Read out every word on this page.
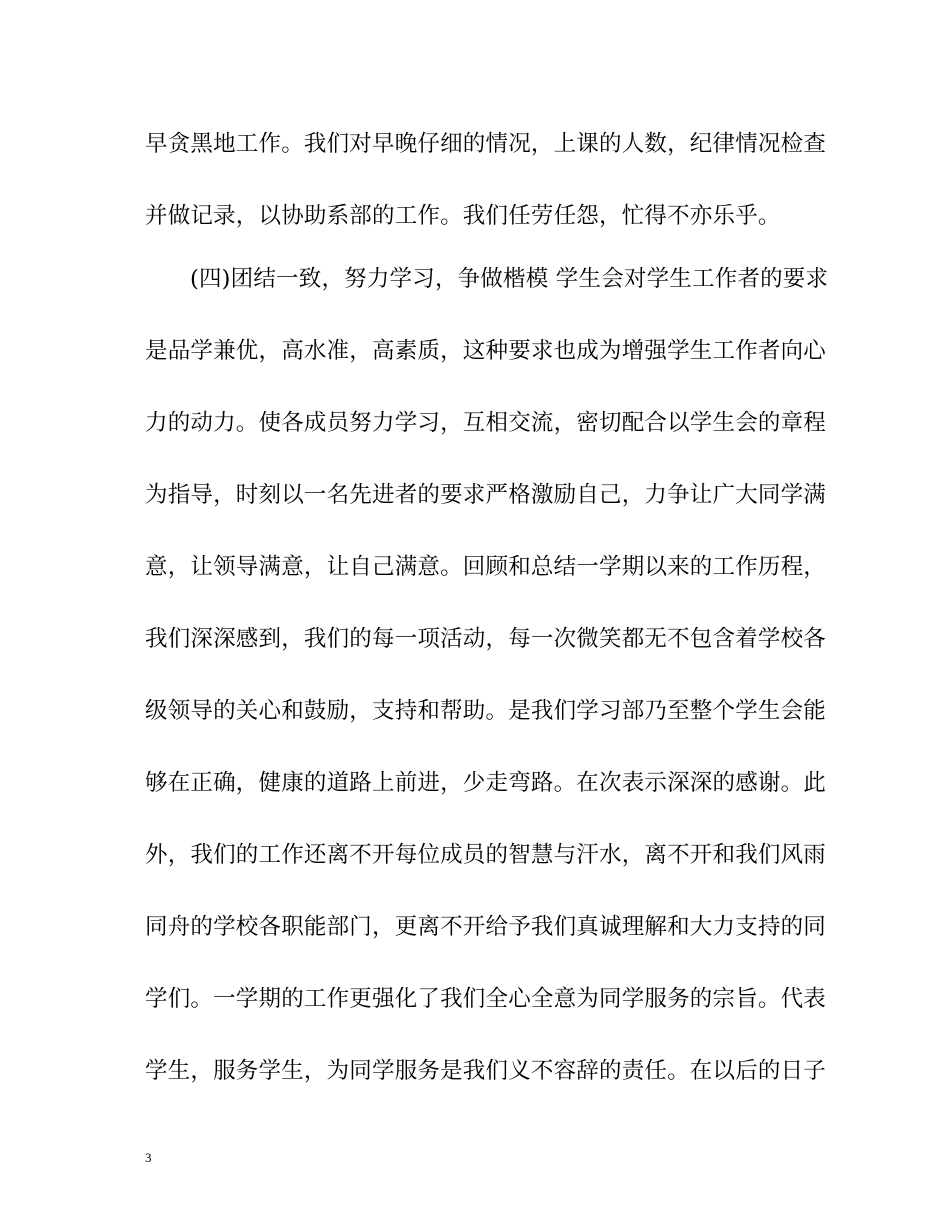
早贪黑地工作。我们对早晚仔细的情况，上课的人数，纪律情况检查
并做记录，以协助系部的工作。我们任劳任怨，忙得不亦乐乎。
(四)团结一致，努力学习，争做楷模 学生会对学生工作者的要求
是品学兼优，高水准，高素质，这种要求也成为增强学生工作者向心
力的动力。使各成员努力学习，互相交流，密切配合以学生会的章程
为指导，时刻以一名先进者的要求严格激励自己，力争让广大同学满
意，让领导满意，让自己满意。回顾和总结一学期以来的工作历程，
我们深深感到，我们的每一项活动，每一次微笑都无不包含着学校各
级领导的关心和鼓励，支持和帮助。是我们学习部乃至整个学生会能
够在正确，健康的道路上前进，少走弯路。在次表示深深的感谢。此
外，我们的工作还离不开每位成员的智慧与汗水，离不开和我们风雨
同舟的学校各职能部门，更离不开给予我们真诚理解和大力支持的同
学们。一学期的工作更强化了我们全心全意为同学服务的宗旨。代表
学生，服务学生，为同学服务是我们义不容辞的责任。在以后的日子
3
